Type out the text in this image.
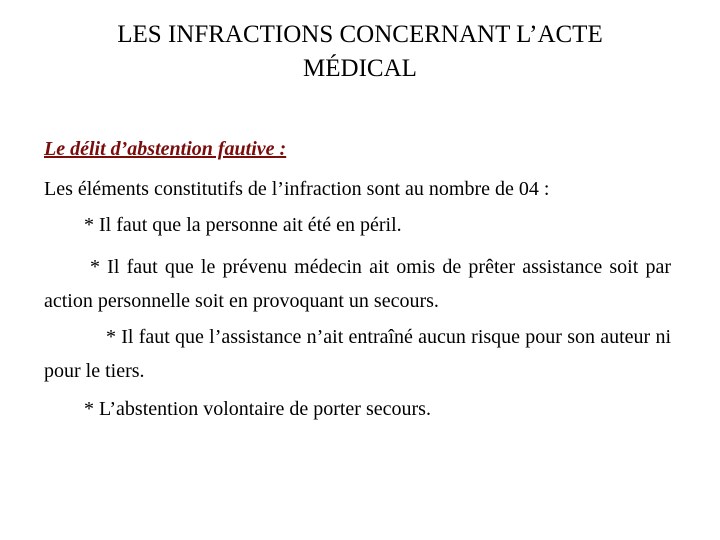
LES INFRACTIONS CONCERNANT L’ACTE
MÉDICAL

Le délit d’abstention fautive :

Les éléments constitutifs de l’infraction sont au nombre de 04 :

* Il faut que la personne ait été en péril.

* Il faut que le prévenu médecin ait omis de prêter assistance soit par action personnelle soit en provoquant un secours.

* Il faut que l’assistance n’ait entraîné aucun risque pour son auteur ni pour le tiers.

* L’abstention volontaire de porter secours.
